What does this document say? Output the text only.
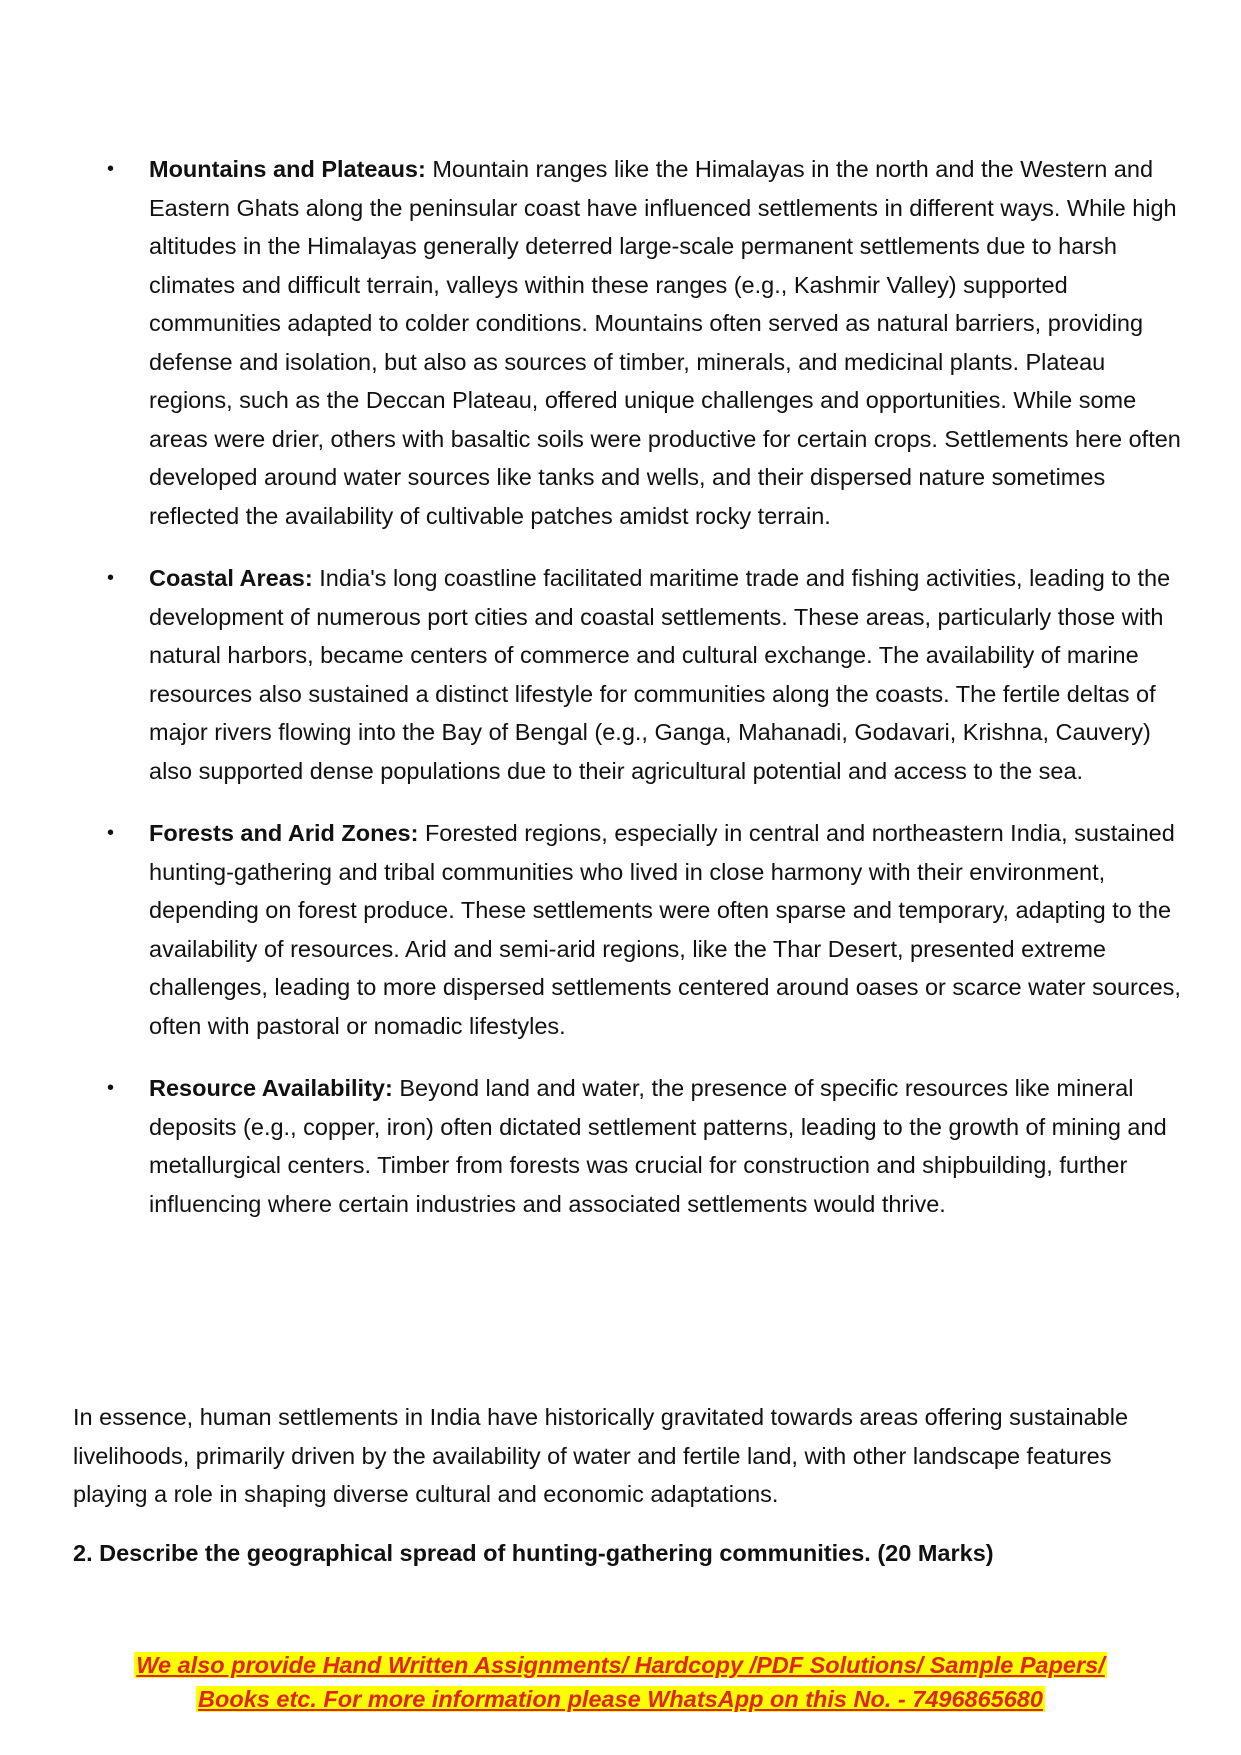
• Mountains and Plateaus: Mountain ranges like the Himalayas in the north and the Western and Eastern Ghats along the peninsular coast have influenced settlements in different ways. While high altitudes in the Himalayas generally deterred large-scale permanent settlements due to harsh climates and difficult terrain, valleys within these ranges (e.g., Kashmir Valley) supported communities adapted to colder conditions. Mountains often served as natural barriers, providing defense and isolation, but also as sources of timber, minerals, and medicinal plants. Plateau regions, such as the Deccan Plateau, offered unique challenges and opportunities. While some areas were drier, others with basaltic soils were productive for certain crops. Settlements here often developed around water sources like tanks and wells, and their dispersed nature sometimes reflected the availability of cultivable patches amidst rocky terrain.
• Coastal Areas: India's long coastline facilitated maritime trade and fishing activities, leading to the development of numerous port cities and coastal settlements. These areas, particularly those with natural harbors, became centers of commerce and cultural exchange. The availability of marine resources also sustained a distinct lifestyle for communities along the coasts. The fertile deltas of major rivers flowing into the Bay of Bengal (e.g., Ganga, Mahanadi, Godavari, Krishna, Cauvery) also supported dense populations due to their agricultural potential and access to the sea.
• Forests and Arid Zones: Forested regions, especially in central and northeastern India, sustained hunting-gathering and tribal communities who lived in close harmony with their environment, depending on forest produce. These settlements were often sparse and temporary, adapting to the availability of resources. Arid and semi-arid regions, like the Thar Desert, presented extreme challenges, leading to more dispersed settlements centered around oases or scarce water sources, often with pastoral or nomadic lifestyles.
• Resource Availability: Beyond land and water, the presence of specific resources like mineral deposits (e.g., copper, iron) often dictated settlement patterns, leading to the growth of mining and metallurgical centers. Timber from forests was crucial for construction and shipbuilding, further influencing where certain industries and associated settlements would thrive.

In essence, human settlements in India have historically gravitated towards areas offering sustainable livelihoods, primarily driven by the availability of water and fertile land, with other landscape features playing a role in shaping diverse cultural and economic adaptations.

2. Describe the geographical spread of hunting-gathering communities. (20 Marks)

We also provide Hand Written Assignments/ Hardcopy /PDF Solutions/ Sample Papers/
Books etc. For more information please WhatsApp on this No. - 7496865680
